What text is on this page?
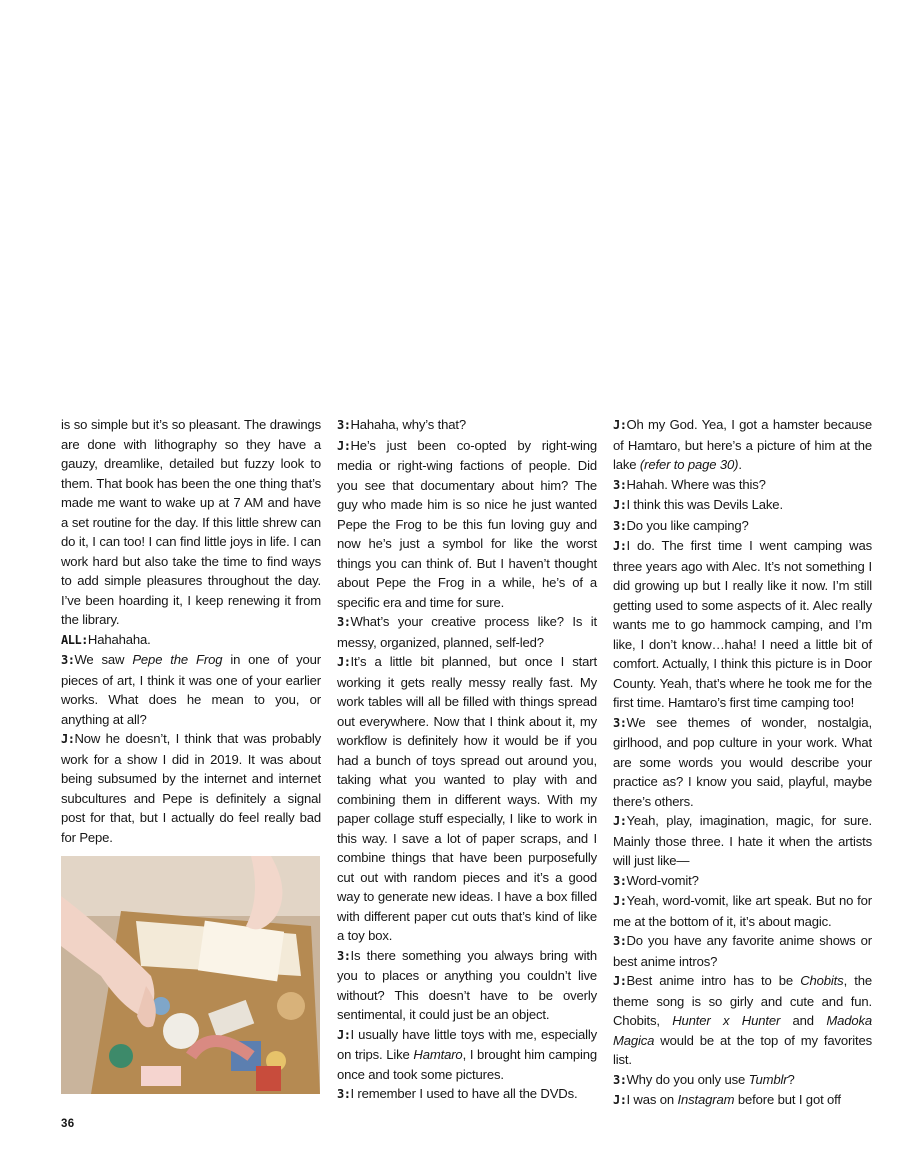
is so simple but it’s so pleasant. The drawings are done with lithography so they have a gauzy, dreamlike, detailed but fuzzy look to them. That book has been the one thing that’s made me want to wake up at 7 AM and have a set routine for the day. If this little shrew can do it, I can too! I can find little joys in life. I can work hard but also take the time to find ways to add simple pleasures throughout the day. I’ve been hoarding it, I keep renewing it from the library.

ALL:Hahahaha.

3:We saw Pepe the Frog in one of your pieces of art, I think it was one of your earlier works. What does he mean to you, or anything at all?

J:Now he doesn’t, I think that was probably work for a show I did in 2019. It was about being subsumed by the internet and internet subcultures and Pepe is definitely a signal post for that, but I actually do feel really bad for Pepe.

3:Hahaha, why’s that?

J:He’s just been co-opted by right-wing media or right-wing factions of people. Did you see that documentary about him? The guy who made him is so nice he just wanted Pepe the Frog to be this fun loving guy and now he’s just a symbol for like the worst things you can think of. But I haven’t thought about Pepe the Frog in a while, he’s of a specific era and time for sure.

3:What’s your creative process like? Is it messy, organized, planned, self-led?

J:It’s a little bit planned, but once I start working it gets really messy really fast. My work tables will all be filled with things spread out everywhere. Now that I think about it, my workflow is definitely how it would be if you had a bunch of toys spread out around you, taking what you wanted to play with and combining them in different ways. With my paper collage stuff especially, I like to work in this way. I save a lot of paper scraps, and I combine things that have been purposefully cut out with random pieces and it’s a good way to generate new ideas. I have a box filled with different paper cut outs that’s kind of like a toy box.

3:Is there something you always bring with you to places or anything you couldn’t live without? This doesn’t have to be overly sentimental, it could just be an object.

J:I usually have little toys with me, especially on trips. Like Hamtaro, I brought him camping once and took some pictures.

3:I remember I used to have all the DVDs.

J:Oh my God. Yea, I got a hamster because of Hamtaro, but here’s a picture of him at the lake (refer to page 30).

3:Hahah. Where was this?

J:I think this was Devils Lake.

3:Do you like camping?

J:I do. The first time I went camping was three years ago with Alec. It’s not something I did growing up but I really like it now. I’m still getting used to some aspects of it. Alec really wants me to go hammock camping, and I’m like, I don’t know…haha! I need a little bit of comfort. Actually, I think this picture is in Door County. Yeah, that’s where he took me for the first time. Hamtaro’s first time camping too!

3:We see themes of wonder, nostalgia, girlhood, and pop culture in your work. What are some words you would describe your practice as? I know you said, playful, maybe there’s others.

J:Yeah, play, imagination, magic, for sure. Mainly those three. I hate it when the artists will just like—

3:Word-vomit?

J:Yeah, word-vomit, like art speak. But no for me at the bottom of it, it’s about magic.

3:Do you have any favorite anime shows or best anime intros?

J:Best anime intro has to be Chobits, the theme song is so girly and cute and fun. Chobits, Hunter x Hunter and Madoka Magica would be at the top of my favorites list.

3:Why do you only use Tumblr?

J:I was on Instagram before but I got off

36
